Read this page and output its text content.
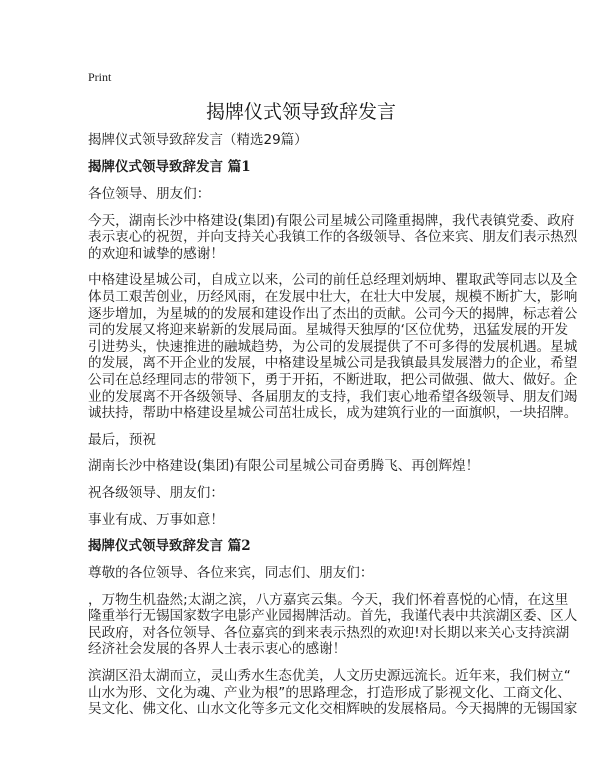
Print
揭牌仪式领导致辞发言
揭牌仪式领导致辞发言（精选29篇）
揭牌仪式领导致辞发言 篇1
各位领导、朋友们：
今天，湖南长沙中格建设(集团)有限公司星城公司隆重揭牌，我代表镇党委、政府
表示衷心的祝贺，并向支持关心我镇工作的各级领导、各位来宾、朋友们表示热烈
的欢迎和诚挚的感谢！
中格建设星城公司，自成立以来，公司的前任总经理刘炳坤、瞿取武等同志以及全
体员工艰苦创业，历经风雨，在发展中壮大，在壮大中发展，规模不断扩大，影响
逐步增加，为星城的的发展和建设作出了杰出的贡献。公司今天的揭牌，标志着公
司的发展又将迎来崭新的发展局面。星城得天独厚的‘区位优势，迅猛发展的开发
引进势头，快速推进的融城趋势，为公司的发展提供了不可多得的发展机遇。星城
的发展，离不开企业的发展，中格建设星城公司是我镇最具发展潜力的企业，希望
公司在总经理同志的带领下，勇于开拓，不断进取，把公司做强、做大、做好。企
业的发展离不开各级领导、各届朋友的支持，我们衷心地希望各级领导、朋友们竭
诚扶持，帮助中格建设星城公司茁壮成长，成为建筑行业的一面旗帜，一块招牌。
最后，预祝
湖南长沙中格建设(集团)有限公司星城公司奋勇腾飞、再创辉煌！
祝各级领导、朋友们：
事业有成、万事如意！
揭牌仪式领导致辞发言 篇2
尊敬的各位领导、各位来宾，同志们、朋友们：
，万物生机盎然;太湖之滨，八方嘉宾云集。今天，我们怀着喜悦的心情，在这里
隆重举行无锡国家数字电影产业园揭牌活动。首先，我谨代表中共滨湖区委、区人
民政府，对各位领导、各位嘉宾的到来表示热烈的欢迎!对长期以来关心支持滨湖
经济社会发展的各界人士表示衷心的感谢！
滨湖区沿太湖而立，灵山秀水生态优美，人文历史源远流长。近年来，我们树立“
山水为形、文化为魂、产业为根”的思路理念，打造形成了影视文化、工商文化、
吴文化、佛文化、山水文化等多元文化交相辉映的发展格局。今天揭牌的无锡国家
